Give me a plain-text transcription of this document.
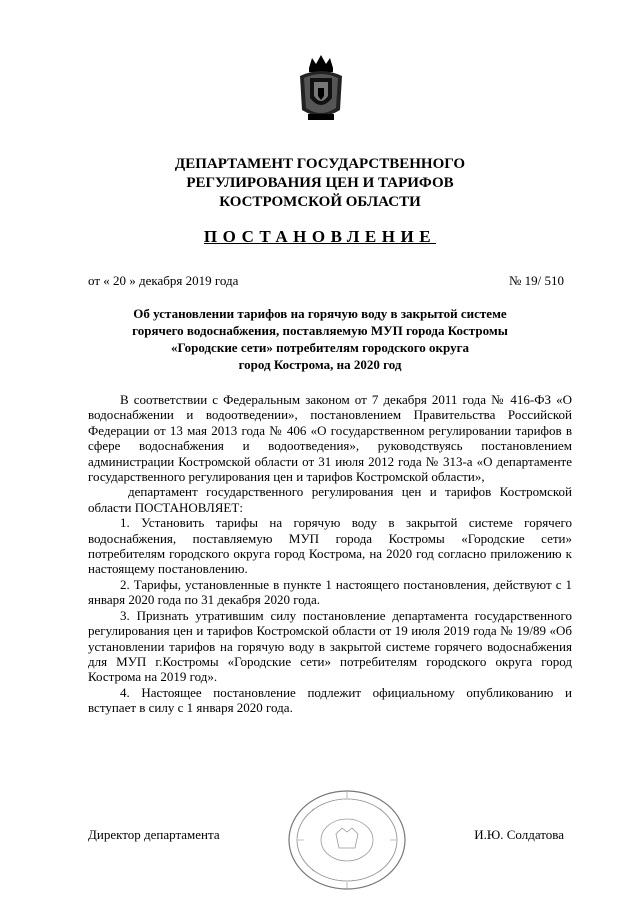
ДЕПАРТАМЕНТ ГОСУДАРСТВЕННОГО
РЕГУЛИРОВАНИЯ ЦЕН И ТАРИФОВ
КОСТРОМСКОЙ ОБЛАСТИ
ПОСТАНОВЛЕНИЕ
от « 20 » декабря 2019 года	№ 19/ 510
Об установлении тарифов на горячую воду в закрытой системе
горячего водоснабжения, поставляемую МУП города Костромы
«Городские сети» потребителям городского округа
город Кострома, на 2020 год

В соответствии с Федеральным законом от 7 декабря 2011 года № 416-ФЗ «О водоснабжении и водоотведении», постановлением Правительства Российской Федерации от 13 мая 2013 года № 406 «О государственном регулировании тарифов в сфере водоснабжения и водоотведения», руководствуясь постановлением администрации Костромской области от 31 июля 2012 года № 313-а «О департаменте государственного регулирования цен и тарифов Костромской области»,

департамент государственного регулирования цен и тарифов Костромской области ПОСТАНОВЛЯЕТ:

1. Установить тарифы на горячую воду в закрытой системе горячего водоснабжения, поставляемую МУП города Костромы «Городские сети» потребителям городского округа город Кострома, на 2020 год согласно приложению к настоящему постановлению.

2. Тарифы, установленные в пункте 1 настоящего постановления, действуют с 1 января 2020 года по 31 декабря 2020 года.

3. Признать утратившим силу постановление департамента государственного регулирования цен и тарифов Костромской области от 19 июля 2019 года № 19/89 «Об установлении тарифов на горячую воду в закрытой системе горячего водоснабжения для МУП г.Костромы «Городские сети» потребителям городского округа город Кострома на 2019 год».

4. Настоящее постановление подлежит официальному опубликованию и вступает в силу с 1 января 2020 года.

Директор департамента	И.Ю. Солдатова
